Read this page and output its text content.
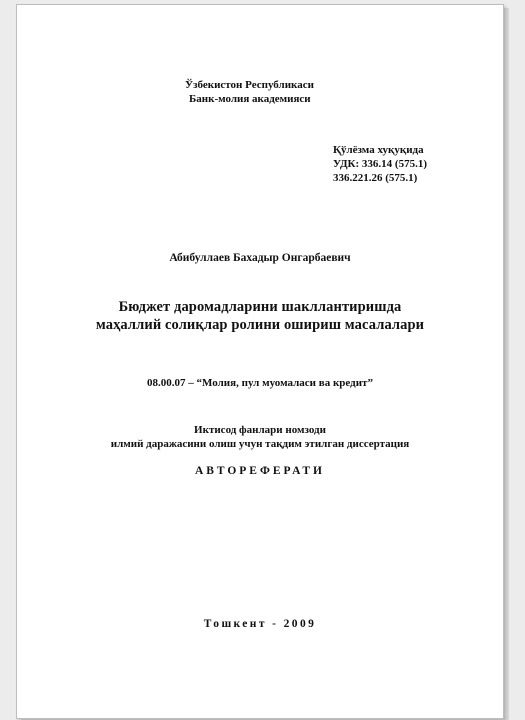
Ўзбекистон Республикаси

Банк-молия академияси

Қўлёзма хуқуқида

УДК: 336.14 (575.1)

336.221.26 (575.1)

Абибуллаев Бахадыр Онгарбаевич

Бюджет даромадларини шакллантиришда

маҳаллий солиқлар ролини ошириш масалалари

08.00.07 – “Молия, пул муомаласи ва кредит”

Иктисод фанлари номзоди

илмий даражасини олиш учун тақдим этилган диссертация

АВТОРЕФЕРАТИ

Тошкент - 2009
